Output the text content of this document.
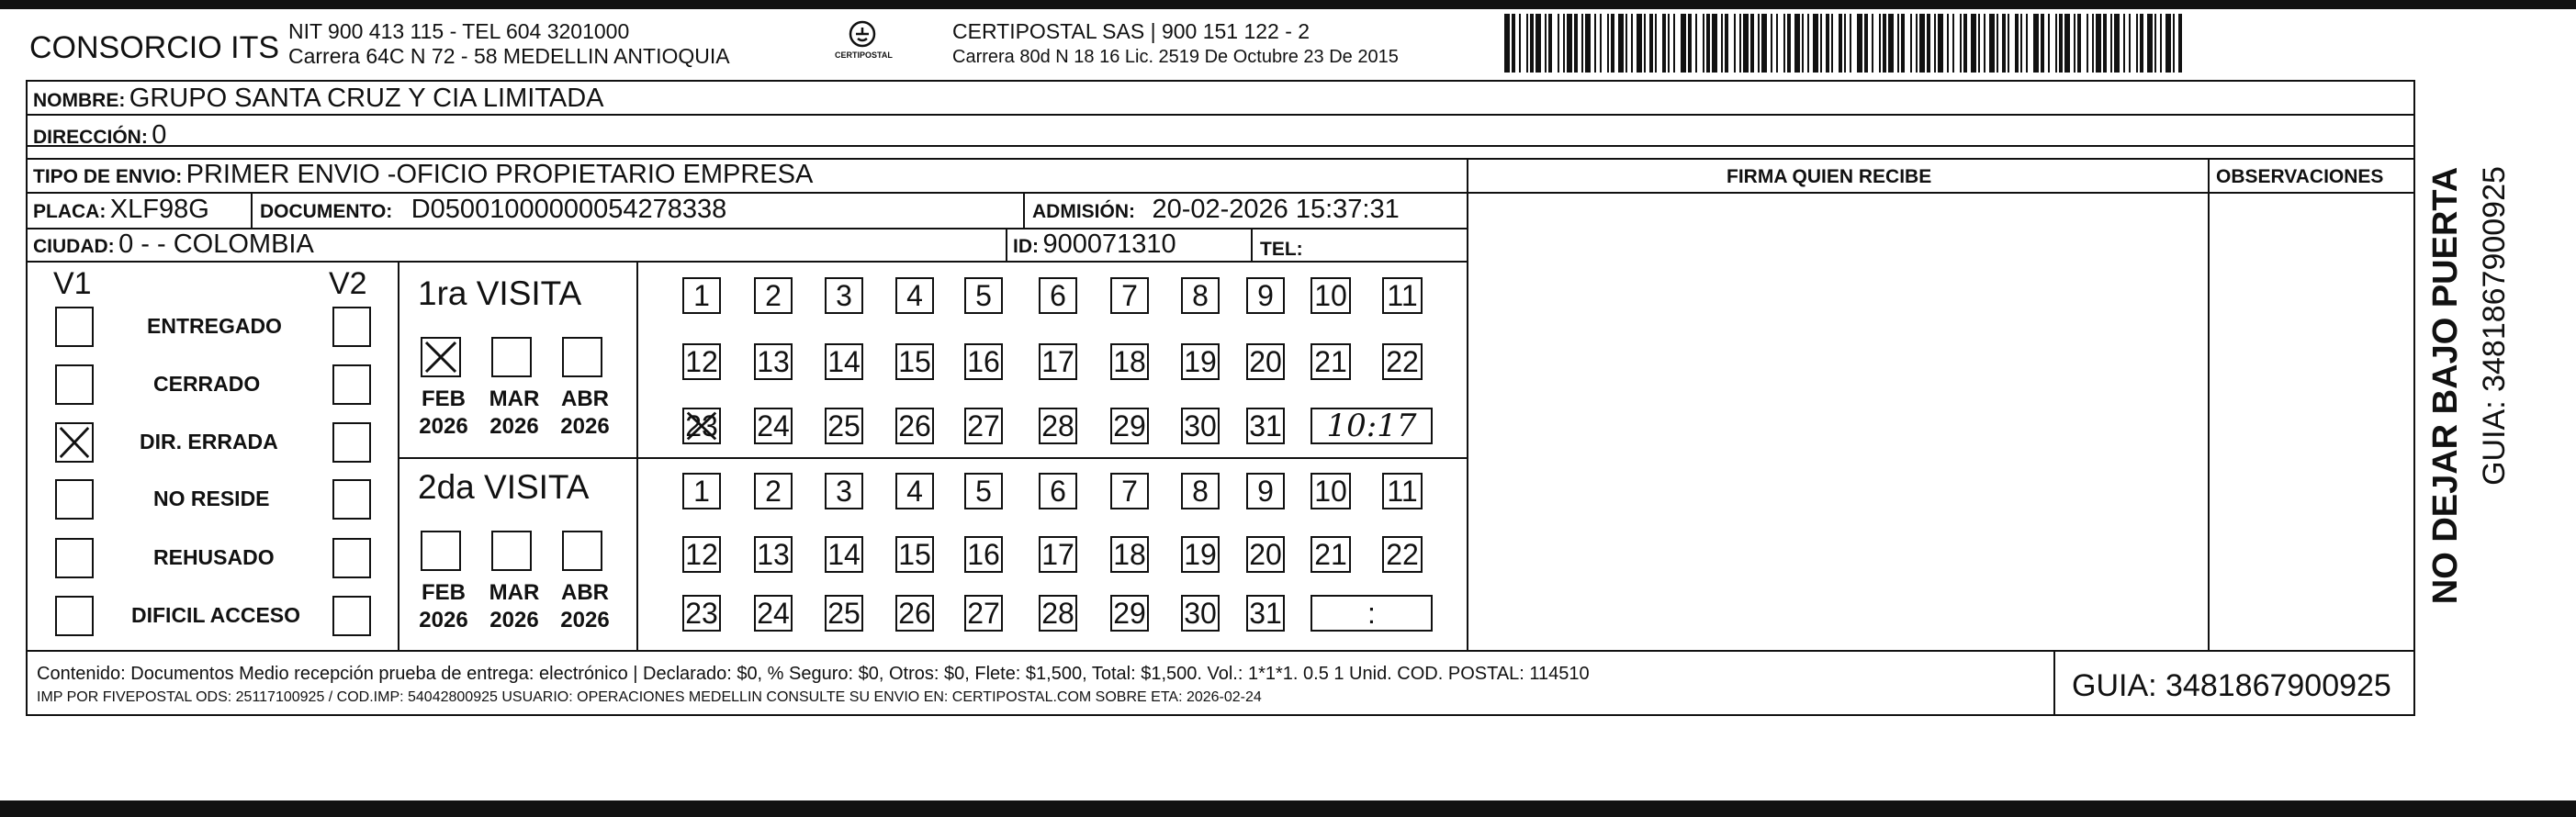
CONSORCIO ITS NIT 900 413 115 - TEL 604 3201000
Carrera 64C N 72 - 58 MEDELLIN ANTIOQUIA	CERTIPOSTAL
CERTIPOSTAL SAS | 900 151 122 - 2
Carrera 80d N 18 16 Lic. 2519 De Octubre 23 De 2015
NOMBRE: GRUPO SANTA CRUZ Y CIA LIMITADA
DIRECCIÓN: 0
TIPO DE ENVIO: PRIMER ENVIO -OFICIO PROPIETARIO EMPRESA
PLACA: XLF98G	DOCUMENTO: D05001000000054278338	ADMISIÓN: 20-02-2026 15:37:31
CIUDAD: 0 - - COLOMBIA	ID: 900071310	TEL:
FIRMA QUIEN RECIBE	OBSERVACIONES
V1	V2
ENTREGADO
CERRADO
DIR. ERRADA
NO RESIDE
REHUSADO
DIFICIL ACCESO
1ra VISITA
2da VISITA
FEB
2026
MAR
2026
ABR
2026
1 2 3 4 5 6 7 8 9 10 11
12 13 14 15 16 17 18 19 20 21 22
23 24 25 26 27 28 29 30 31 10:17
FEB
2026
MAR
2026
ABR
2026
1 2 3 4 5 6 7 8 9 10 11
12 13 14 15 16 17 18 19 20 21 22
23 24 25 26 27 28 29 30 31	:
Contenido: Documentos Medio recepción prueba de entrega: electrónico | Declarado: $0, % Seguro: $0, Otros: $0, Flete: $1,500, Total: $1,500. Vol.: 1*1*1. 0.5 1 Unid. COD. POSTAL: 114510
IMP POR FIVEPOSTAL ODS: 25117100925 / COD.IMP: 54042800925 USUARIO: OPERACIONES MEDELLIN CONSULTE SU ENVIO EN: CERTIPOSTAL.COM SOBRE ETA: 2026-02-24	GUIA: 3481867900925
NO DEJAR BAJO PUERTA GUIA: 3481867900925
